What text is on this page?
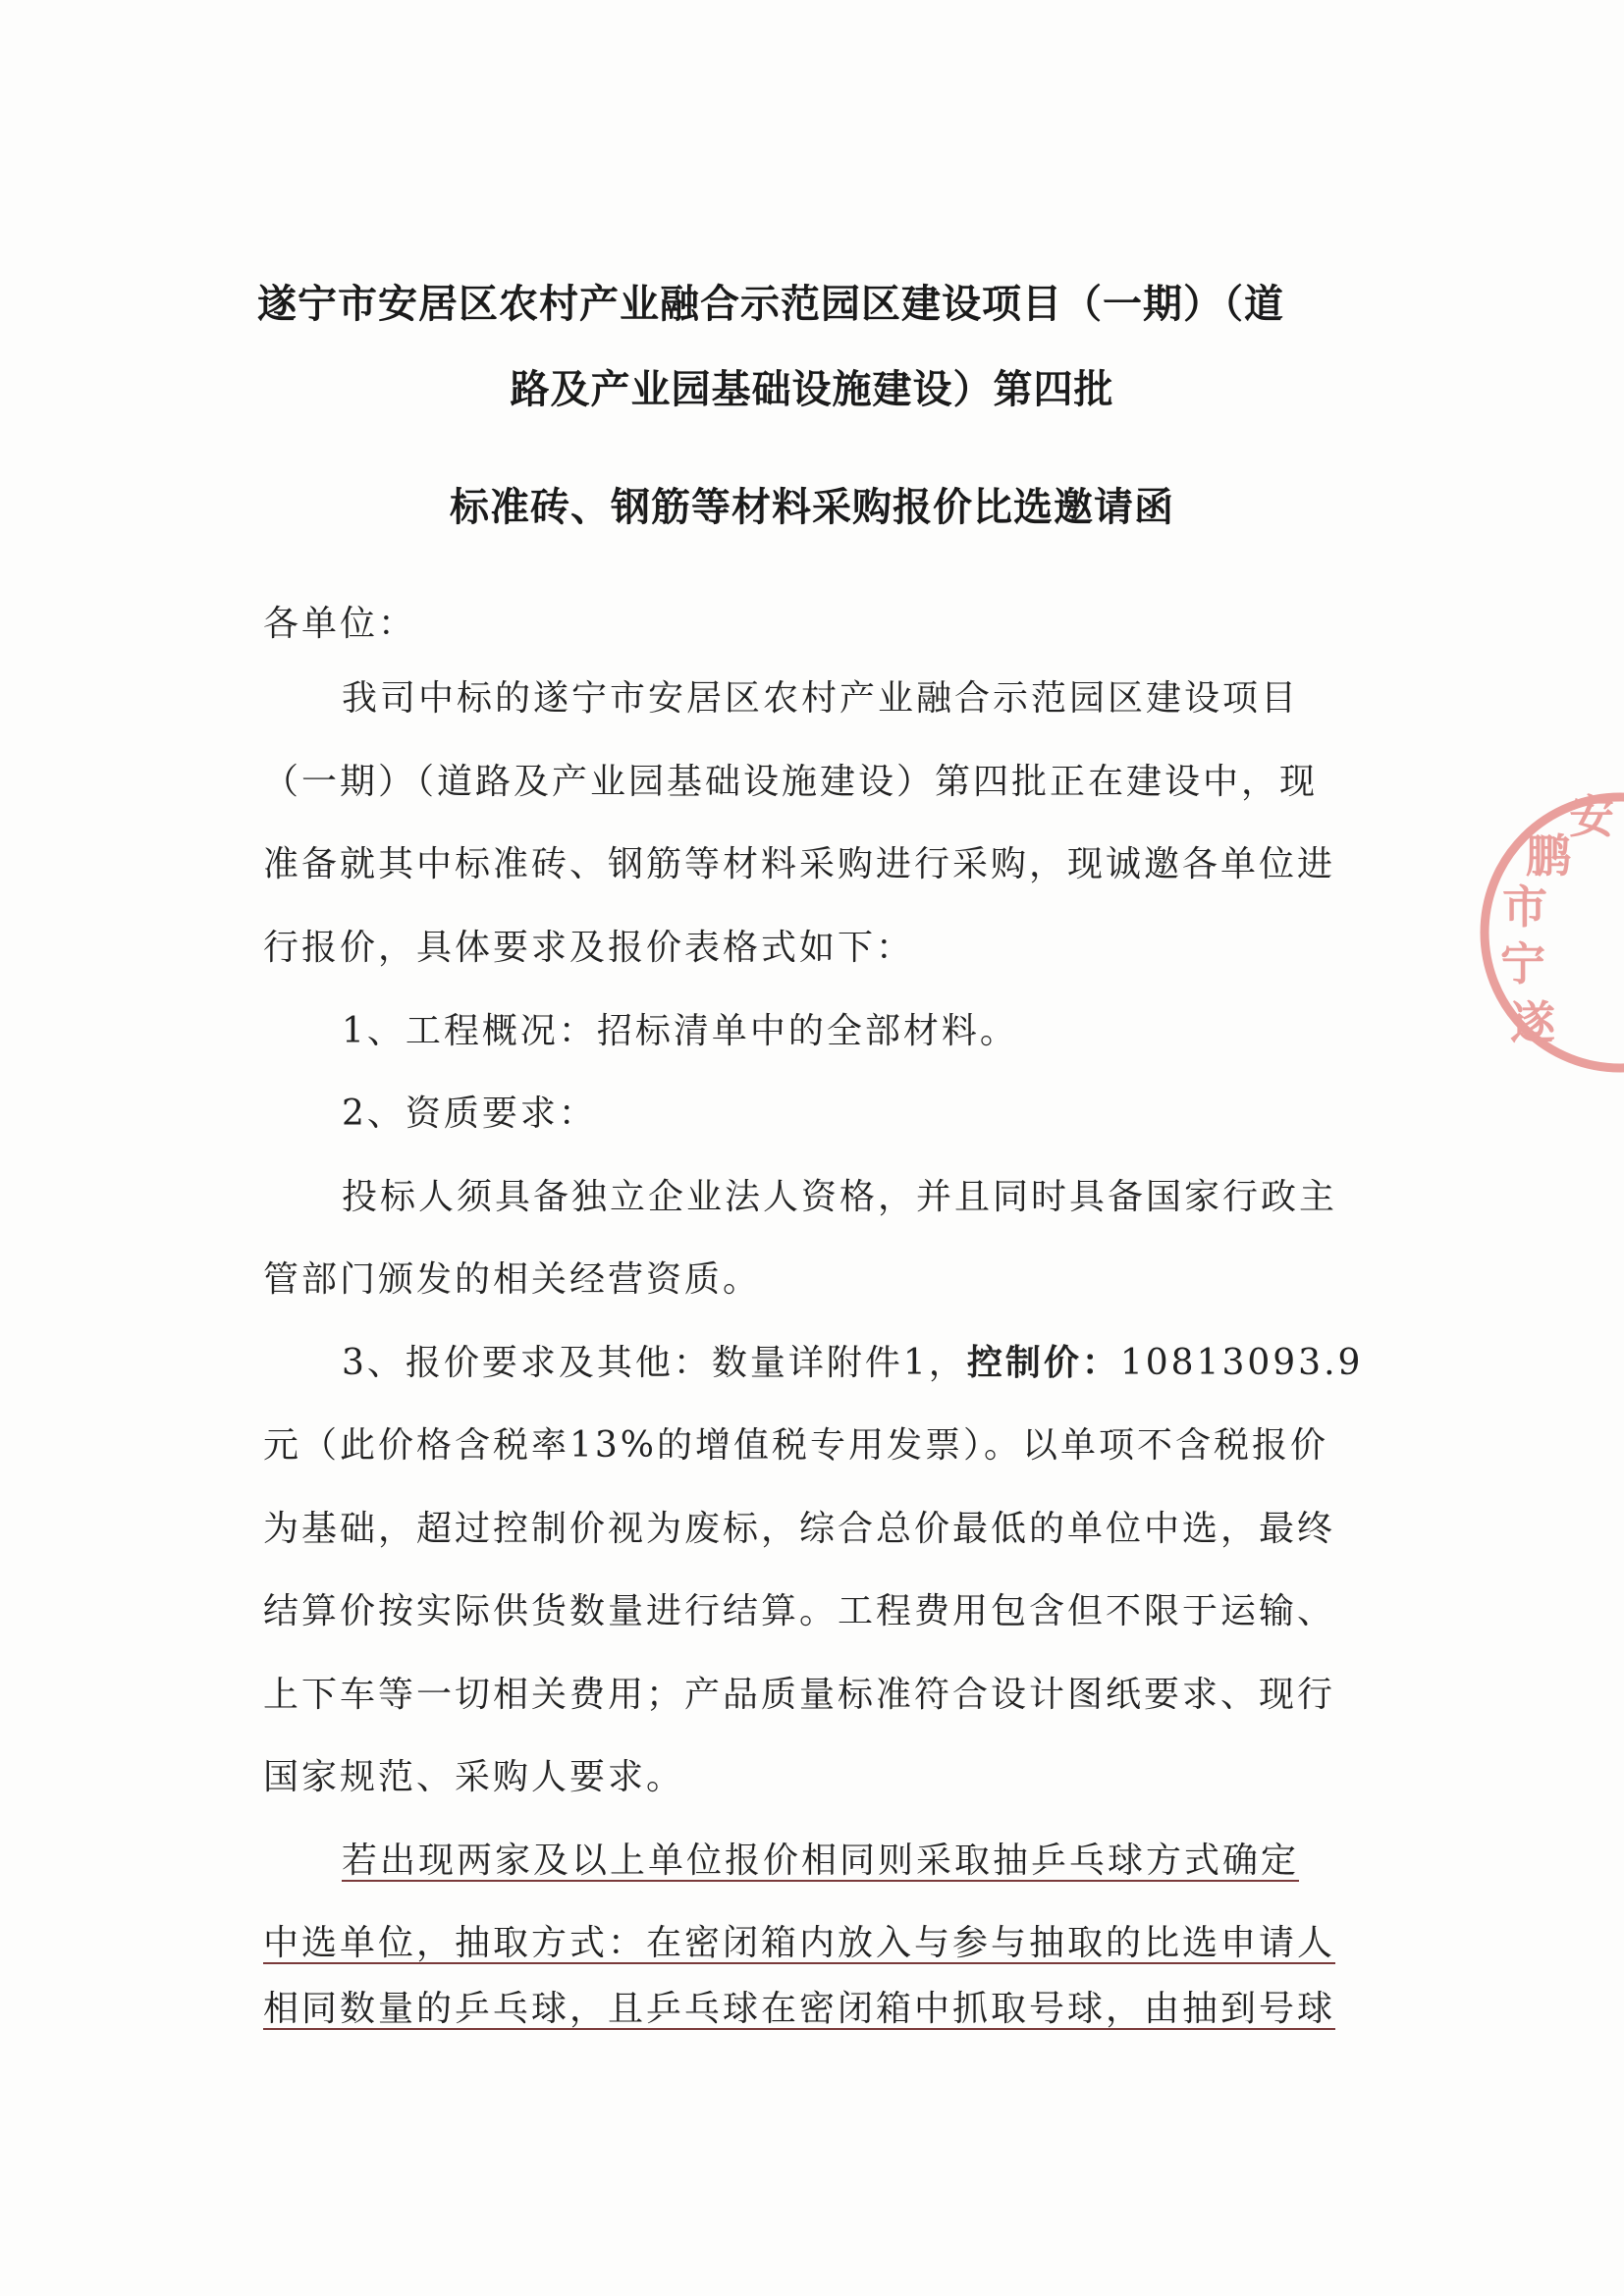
遂宁市安居区农村产业融合示范园区建设项目（一期）（道
路及产业园基础设施建设）第四批
标准砖、钢筋等材料采购报价比选邀请函
各单位：
我司中标的遂宁市安居区农村产业融合示范园区建设项目
（一期）（道路及产业园基础设施建设）第四批正在建设中，现
准备就其中标准砖、钢筋等材料采购进行采购，现诚邀各单位进
行报价，具体要求及报价表格式如下：
1、工程概况：招标清单中的全部材料。
2、资质要求：
投标人须具备独立企业法人资格，并且同时具备国家行政主
管部门颁发的相关经营资质。
3、报价要求及其他：数量详附件1，控制价：10813093.9
元（此价格含税率13%的增值税专用发票）。以单项不含税报价
为基础，超过控制价视为废标，综合总价最低的单位中选，最终
结算价按实际供货数量进行结算。工程费用包含但不限于运输、
上下车等一切相关费用；产品质量标准符合设计图纸要求、现行
国家规范、采购人要求。
若出现两家及以上单位报价相同则采取抽乒乓球方式确定
中选单位，抽取方式：在密闭箱内放入与参与抽取的比选申请人
相同数量的乒乓球，且乒乓球在密闭箱中抓取号球，由抽到号球
遂 宁 市 鹏 安
